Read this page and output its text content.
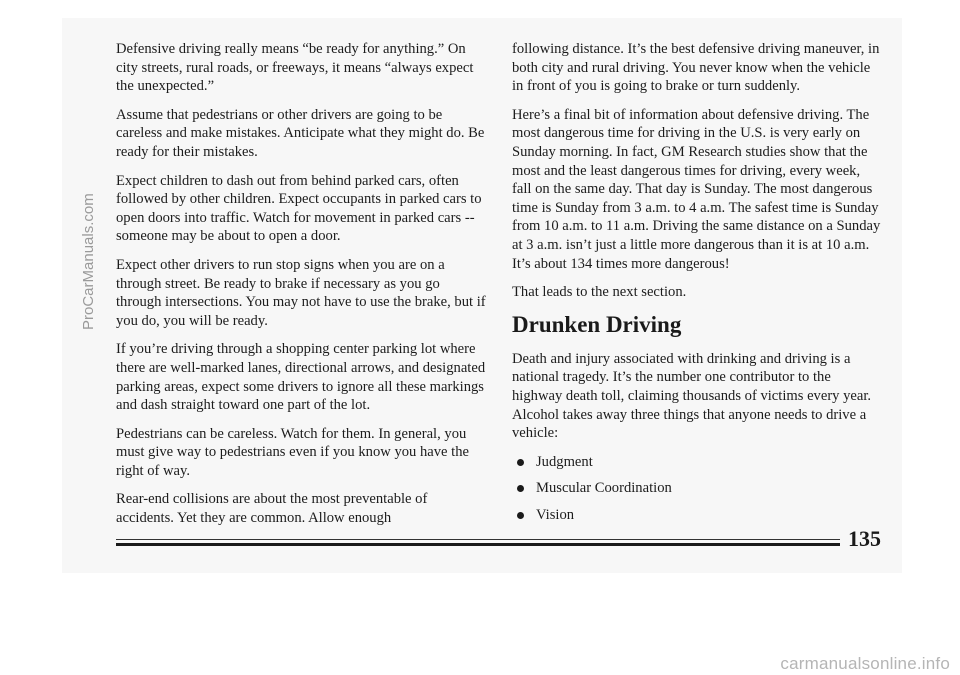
Defensive driving really means “be ready for anything.” On city streets, rural roads, or freeways, it means “always expect the unexpected.”

Assume that pedestrians or other drivers are going to be careless and make mistakes. Anticipate what they might do. Be ready for their mistakes.

Expect children to dash out from behind parked cars, often followed by other children. Expect occupants in parked cars to open doors into traffic. Watch for movement in parked cars -- someone may be about to open a door.

Expect other drivers to run stop signs when you are on a through street. Be ready to brake if necessary as you go through intersections. You may not have to use the brake, but if you do, you will be ready.

If you’re driving through a shopping center parking lot where there are well-marked lanes, directional arrows, and designated parking areas, expect some drivers to ignore all these markings and dash straight toward one part of the lot.

Pedestrians can be careless. Watch for them. In general, you must give way to pedestrians even if you know you have the right of way.

Rear-end collisions are about the most preventable of accidents. Yet they are common. Allow enough

following distance. It’s the best defensive driving maneuver, in both city and rural driving. You never know when the vehicle in front of you is going to brake or turn suddenly.

Here’s a final bit of information about defensive driving. The most dangerous time for driving in the U.S. is very early on Sunday morning. In fact, GM Research studies show that the most and the least dangerous times for driving, every week, fall on the same day. That day is Sunday. The most dangerous time is Sunday from 3 a.m. to 4 a.m. The safest time is Sunday from 10 a.m. to 11 a.m. Driving the same distance on a Sunday at 3 a.m. isn’t just a little more dangerous than it is at 10 a.m. It’s about 134 times more dangerous!

That leads to the next section.

Drunken Driving

Death and injury associated with drinking and driving is a national tragedy. It’s the number one contributor to the highway death toll, claiming thousands of victims every year. Alcohol takes away three things that anyone needs to drive a vehicle:

Judgment
Muscular Coordination
Vision
135
ProCarManuals.com
carmanualsonline.info
